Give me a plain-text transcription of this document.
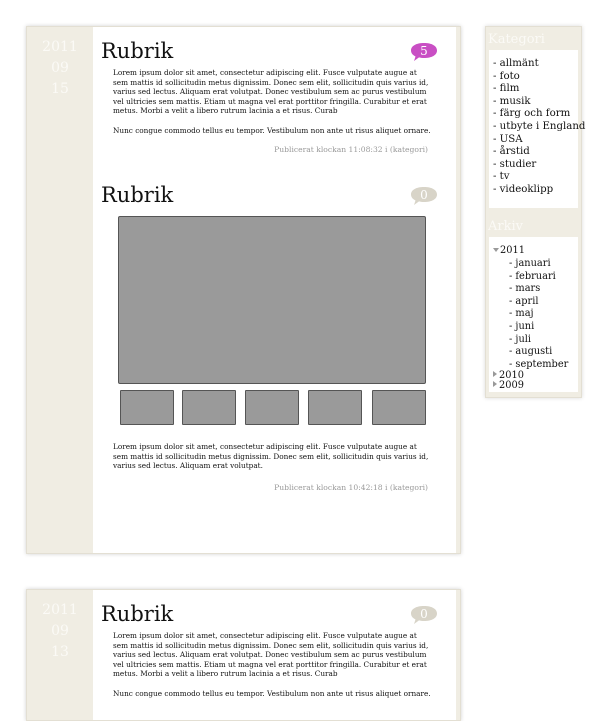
2011
09
15
Rubrik	5
Lorem ipsum dolor sit amet, consectetur adipiscing elit. Fusce vulputate augue at sem mattis id sollicitudin metus dignissim. Donec sem elit, sollicitudin quis varius id, varius sed lectus. Aliquam erat volutpat. Donec vestibulum sem ac purus vestibulum vel ultricies sem mattis. Etiam ut magna vel erat porttitor fringilla. Curabitur et erat metus. Morbi a velit a libero rutrum lacinia a et risus. Curab
Nunc congue commodo tellus eu tempor. Vestibulum non ante ut risus aliquet ornare.
Publicerat klockan 11:08:32 i (kategori)
Rubrik	0
Lorem ipsum dolor sit amet, consectetur adipiscing elit. Fusce vulputate augue at sem mattis id sollicitudin metus dignissim. Donec sem elit, sollicitudin quis varius id, varius sed lectus. Aliquam erat volutpat.
Publicerat klockan 10:42:18 i (kategori)
Kategori
- allmänt
- foto
- film
- musik
- färg och form
- utbyte i England
- USA
- årstid
- studier
- tv
- videoklipp
Arkiv
2011
- januari
- februari
- mars
- april
- maj
- juni
- juli
- augusti
- september
2010
2009
2011
09
13
Rubrik	0
Lorem ipsum dolor sit amet, consectetur adipiscing elit. Fusce vulputate augue at sem mattis id sollicitudin metus dignissim. Donec sem elit, sollicitudin quis varius id, varius sed lectus. Aliquam erat volutpat. Donec vestibulum sem ac purus vestibulum vel ultricies sem mattis. Etiam ut magna vel erat porttitor fringilla. Curabitur et erat metus. Morbi a velit a libero rutrum lacinia a et risus. Curab
Nunc congue commodo tellus eu tempor. Vestibulum non ante ut risus aliquet ornare.
